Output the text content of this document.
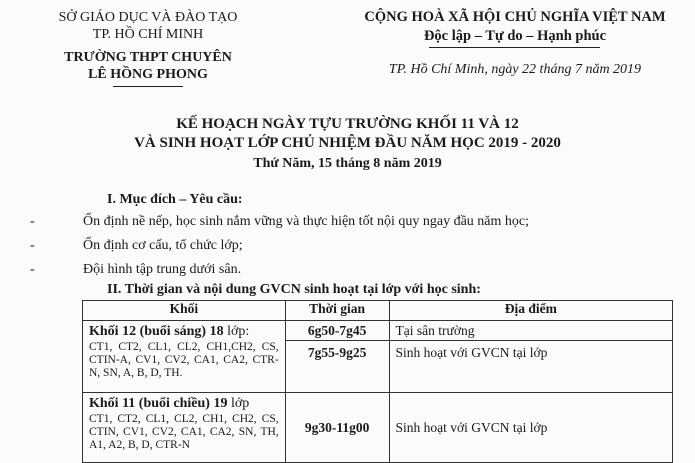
SỞ GIÁO DỤC VÀ ĐÀO TẠO
TP. HỒ CHÍ MINH
TRƯỜNG THPT CHUYÊN
LÊ HỒNG PHONG
CỘNG HOÀ XÃ HỘI CHỦ NGHĨA VIỆT NAM
Độc lập – Tự do – Hạnh phúc
TP. Hồ Chí Minh, ngày 22 tháng 7 năm 2019
KẾ HOẠCH NGÀY TỰU TRƯỜNG KHỐI 11 VÀ 12
VÀ SINH HOẠT LỚP CHỦ NHIỆM ĐẦU NĂM HỌC 2019 - 2020
Thứ Năm, 15 tháng 8 năm 2019
I. Mục đích – Yêu cầu:
-	Ổn định nề nếp, học sinh nắm vững và thực hiện tốt nội quy ngay đầu năm học;
-	Ổn định cơ cấu, tổ chức lớp;
-	Đội hình tập trung dưới sân.
II. Thời gian và nội dung GVCN sinh hoạt tại lớp với học sinh:
Khối	Thời gian	Địa điểm

Khối 12 (buổi sáng) 18 lớp:
CT1, CT2, CL1, CL2, CH1,CH2, CS, CTIN-A, CV1, CV2, CA1, CA2, CTR-N, SN, A, B, D, TH.	6g50-7g45	Tại sân trường
	7g55-9g25	Sinh hoạt với GVCN tại lớp

Khối 11 (buổi chiều) 19 lớp
CT1, CT2, CL1, CL2, CH1, CH2, CS, CTIN, CV1, CV2, CA1, CA2, SN, TH, A1, A2, B, D, CTR-N	9g30-11g00	Sinh hoạt với GVCN tại lớp
